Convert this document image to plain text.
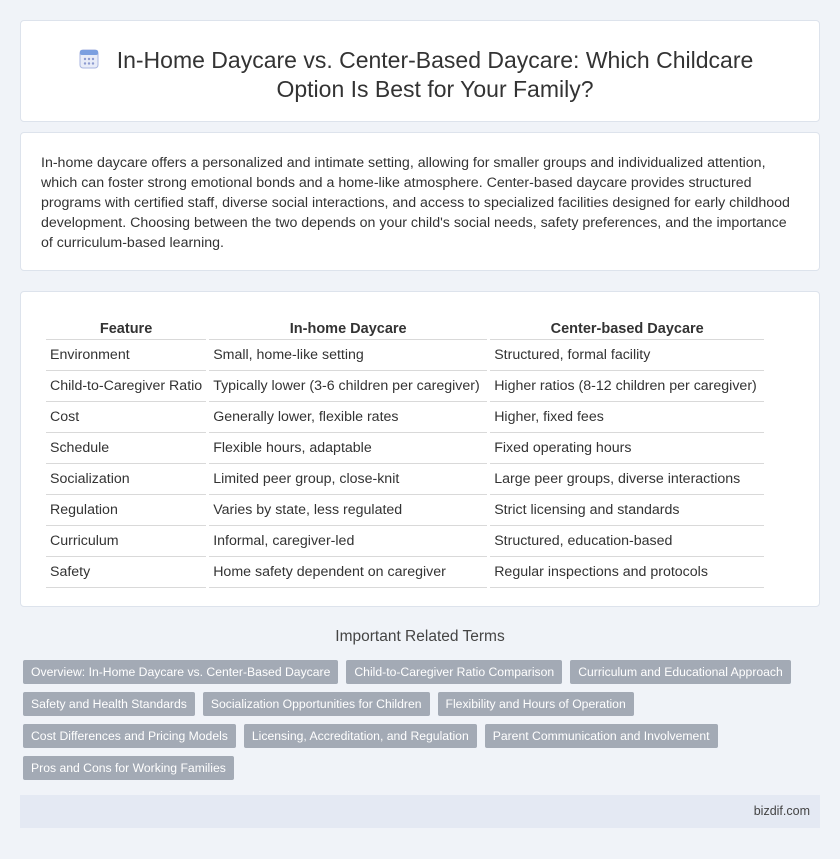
In-Home Daycare vs. Center-Based Daycare: Which Childcare Option Is Best for Your Family?

In-home daycare offers a personalized and intimate setting, allowing for smaller groups and individualized attention, which can foster strong emotional bonds and a home-like atmosphere. Center-based daycare provides structured programs with certified staff, diverse social interactions, and access to specialized facilities designed for early childhood development. Choosing between the two depends on your child's social needs, safety preferences, and the importance of curriculum-based learning.

Feature	In-home Daycare	Center-based Daycare
Environment	Small, home-like setting	Structured, formal facility
Child-to-Caregiver Ratio	Typically lower (3-6 children per caregiver)	Higher ratios (8-12 children per caregiver)
Cost	Generally lower, flexible rates	Higher, fixed fees
Schedule	Flexible hours, adaptable	Fixed operating hours
Socialization	Limited peer group, close-knit	Large peer groups, diverse interactions
Regulation	Varies by state, less regulated	Strict licensing and standards
Curriculum	Informal, caregiver-led	Structured, education-based
Safety	Home safety dependent on caregiver	Regular inspections and protocols
Important Related Terms
Overview: In-Home Daycare vs. Center-Based Daycare	Child-to-Caregiver Ratio Comparison	Curriculum and Educational Approach
Safety and Health Standards	Socialization Opportunities for Children	Flexibility and Hours of Operation
Cost Differences and Pricing Models	Licensing, Accreditation, and Regulation	Parent Communication and Involvement
Pros and Cons for Working Families
bizdif.com
